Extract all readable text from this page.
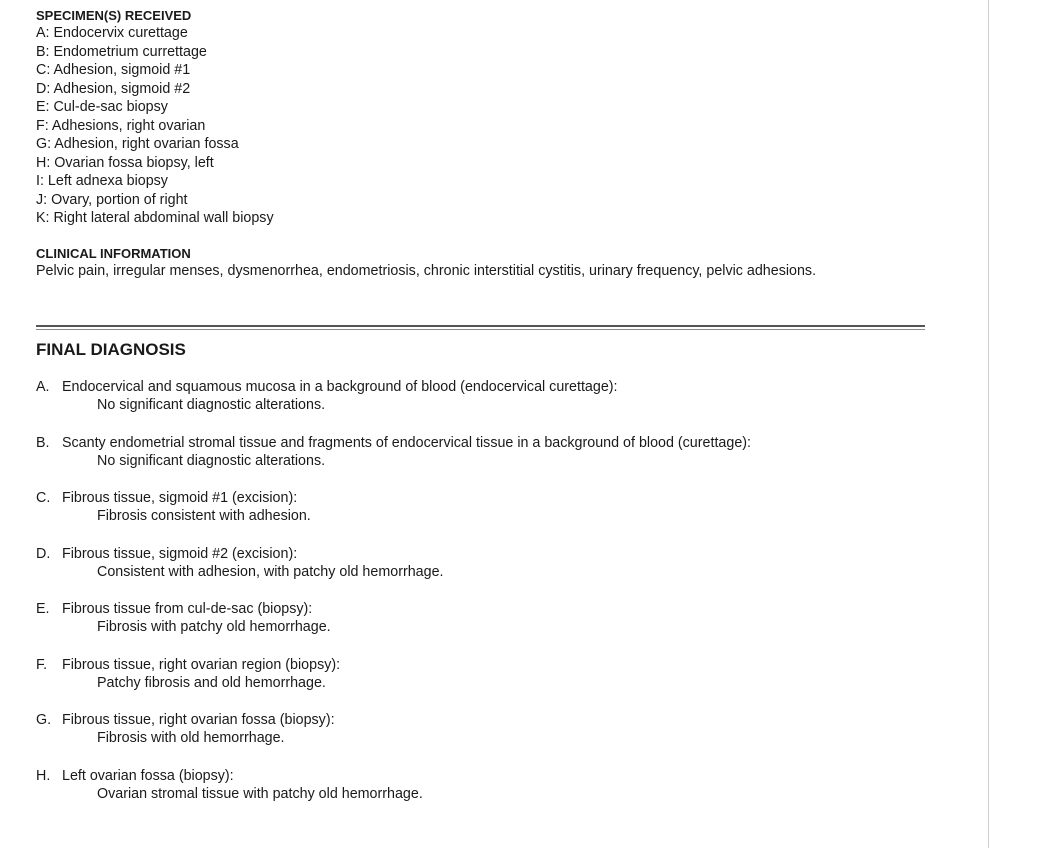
SPECIMEN(S) RECEIVED
A: Endocervix curettage
B: Endometrium currettage
C: Adhesion, sigmoid #1
D: Adhesion, sigmoid #2
E: Cul-de-sac biopsy
F: Adhesions, right ovarian
G: Adhesion, right ovarian fossa
H: Ovarian fossa biopsy, left
I: Left adnexa biopsy
J: Ovary, portion of right
K: Right lateral abdominal wall biopsy
CLINICAL INFORMATION

Pelvic pain, irregular menses, dysmenorrhea, endometriosis, chronic interstitial cystitis, urinary frequency, pelvic adhesions.

FINAL DIAGNOSIS
A. Endocervical and squamous mucosa in a background of blood (endocervical curettage):
No significant diagnostic alterations.
B. Scanty endometrial stromal tissue and fragments of endocervical tissue in a background of blood (curettage):
No significant diagnostic alterations.
C. Fibrous tissue, sigmoid #1 (excision):
Fibrosis consistent with adhesion.
D. Fibrous tissue, sigmoid #2 (excision):
Consistent with adhesion, with patchy old hemorrhage.
E. Fibrous tissue from cul-de-sac (biopsy):
Fibrosis with patchy old hemorrhage.
F. Fibrous tissue, right ovarian region (biopsy):
Patchy fibrosis and old hemorrhage.
G. Fibrous tissue, right ovarian fossa (biopsy):
Fibrosis with old hemorrhage.
H. Left ovarian fossa (biopsy):
Ovarian stromal tissue with patchy old hemorrhage.
